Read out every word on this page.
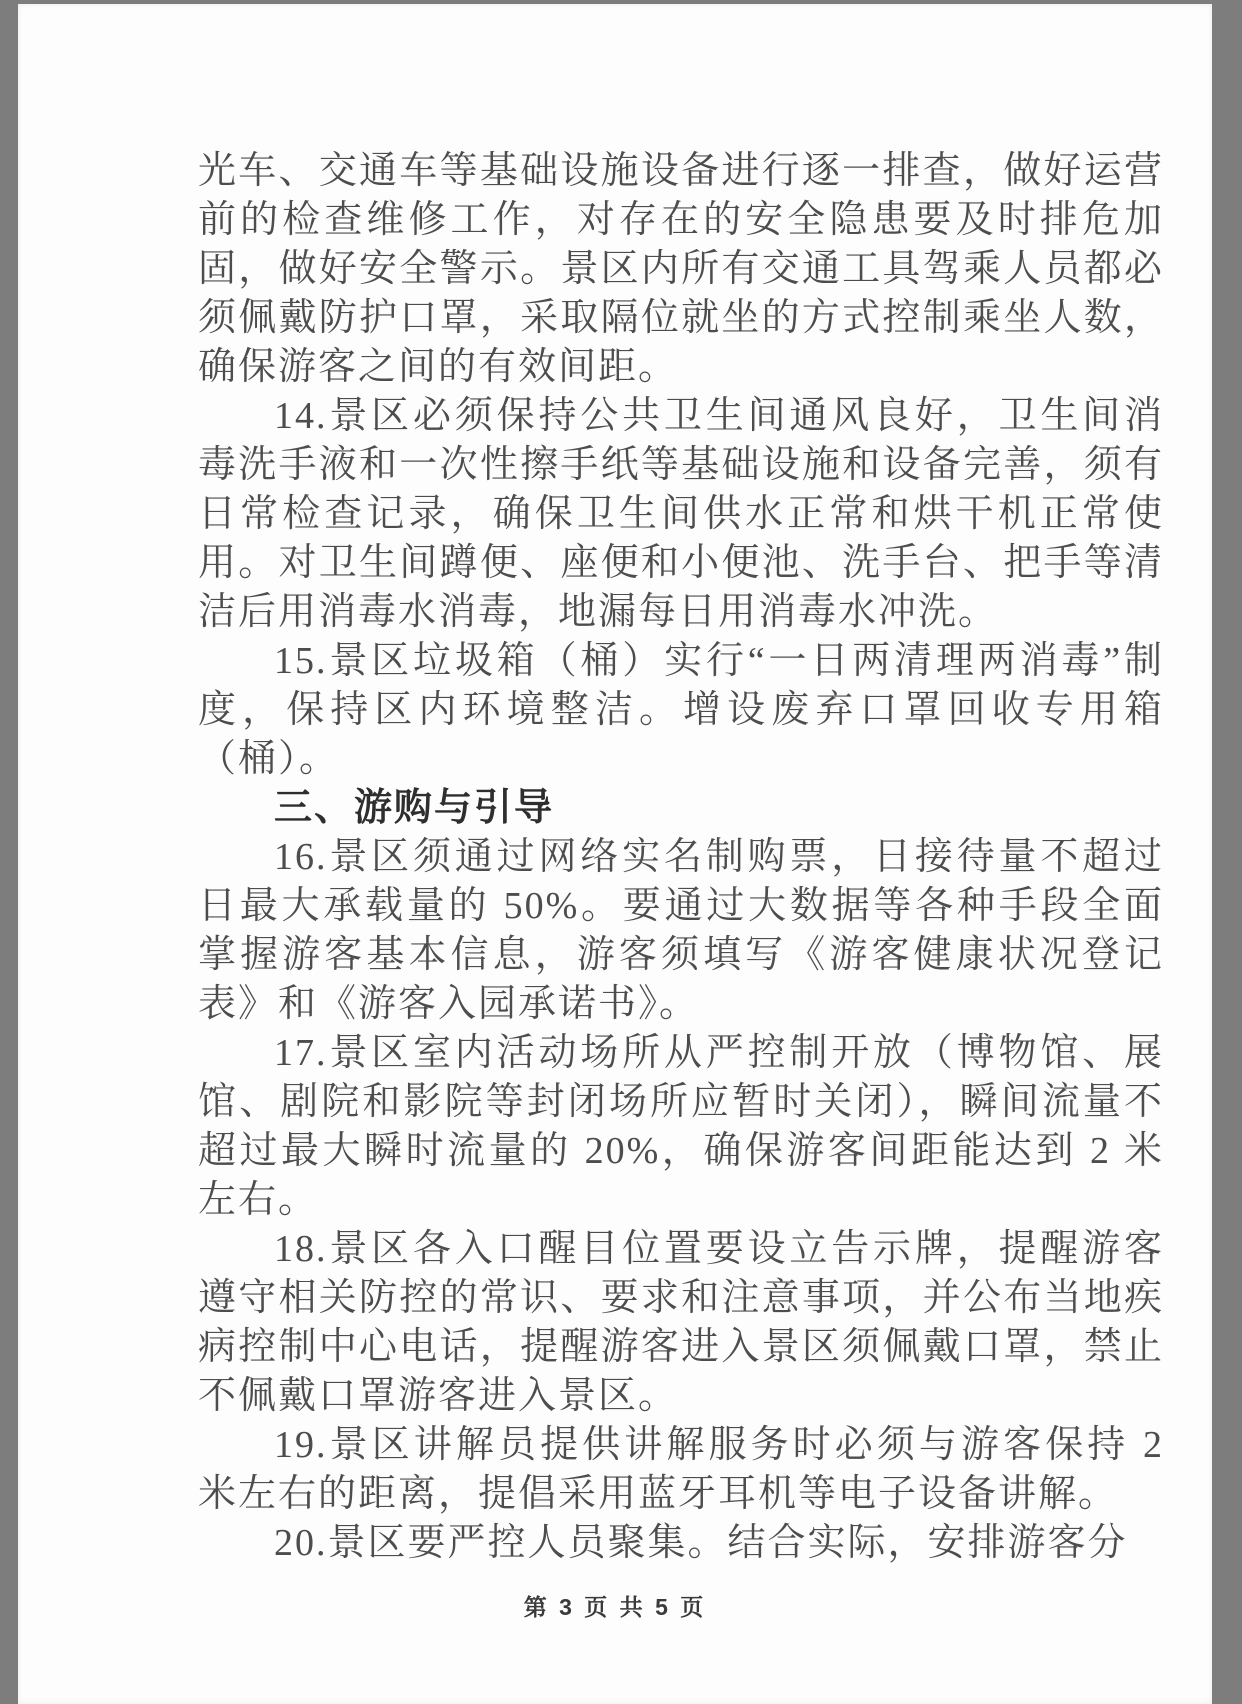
光车、交通车等基础设施设备进行逐一排查，做好运营前的检查维修工作，对存在的安全隐患要及时排危加固，做好安全警示。景区内所有交通工具驾乘人员都必须佩戴防护口罩，采取隔位就坐的方式控制乘坐人数，确保游客之间的有效间距。

14.景区必须保持公共卫生间通风良好，卫生间消毒洗手液和一次性擦手纸等基础设施和设备完善，须有日常检查记录，确保卫生间供水正常和烘干机正常使用。对卫生间蹲便、座便和小便池、洗手台、把手等清洁后用消毒水消毒，地漏每日用消毒水冲洗。

15.景区垃圾箱（桶）实行“一日两清理两消毒”制度，保持区内环境整洁。增设废弃口罩回收专用箱（桶）。

三、游购与引导

16.景区须通过网络实名制购票，日接待量不超过日最大承载量的 50%。要通过大数据等各种手段全面掌握游客基本信息，游客须填写《游客健康状况登记表》和《游客入园承诺书》。

17.景区室内活动场所从严控制开放（博物馆、展馆、剧院和影院等封闭场所应暂时关闭），瞬间流量不超过最大瞬时流量的 20%，确保游客间距能达到 2 米左右。

18.景区各入口醒目位置要设立告示牌，提醒游客遵守相关防控的常识、要求和注意事项，并公布当地疾病控制中心电话，提醒游客进入景区须佩戴口罩，禁止不佩戴口罩游客进入景区。

19.景区讲解员提供讲解服务时必须与游客保持 2 米左右的距离，提倡采用蓝牙耳机等电子设备讲解。

20.景区要严控人员聚集。结合实际，安排游客分

第 3 页 共 5 页
